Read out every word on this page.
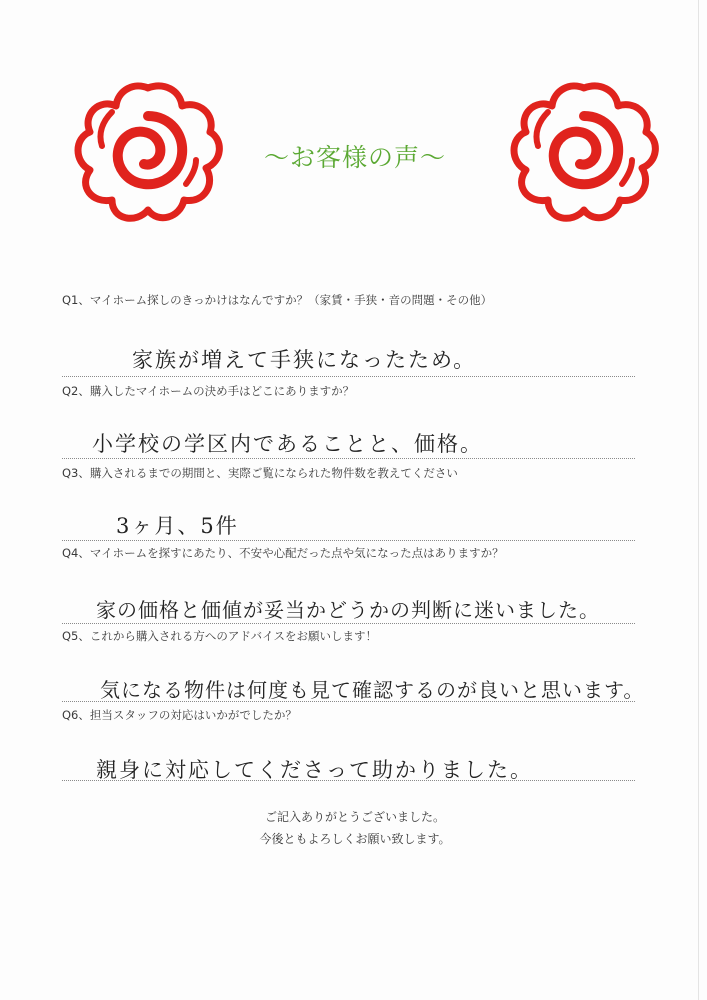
～お客様の声～
Q1、マイホーム探しのきっかけはなんですか？（家賃・手狭・音の問題・その他）
家族が増えて手狭になったため。
Q2、購入したマイホームの決め手はどこにありますか？
小学校の学区内であることと、価格。
Q3、購入されるまでの期間と、実際ご覧になられた物件数を教えてください
3ヶ月、5件
Q4、マイホームを探すにあたり、不安や心配だった点や気になった点はありますか？
家の価格と価値が妥当かどうかの判断に迷いました。
Q5、これから購入される方へのアドバイスをお願いします！
気になる物件は何度も見て確認するのが良いと思います。
Q6、担当スタッフの対応はいかがでしたか？
親身に対応してくださって助かりました。
ご記入ありがとうございました。
今後ともよろしくお願い致します。
